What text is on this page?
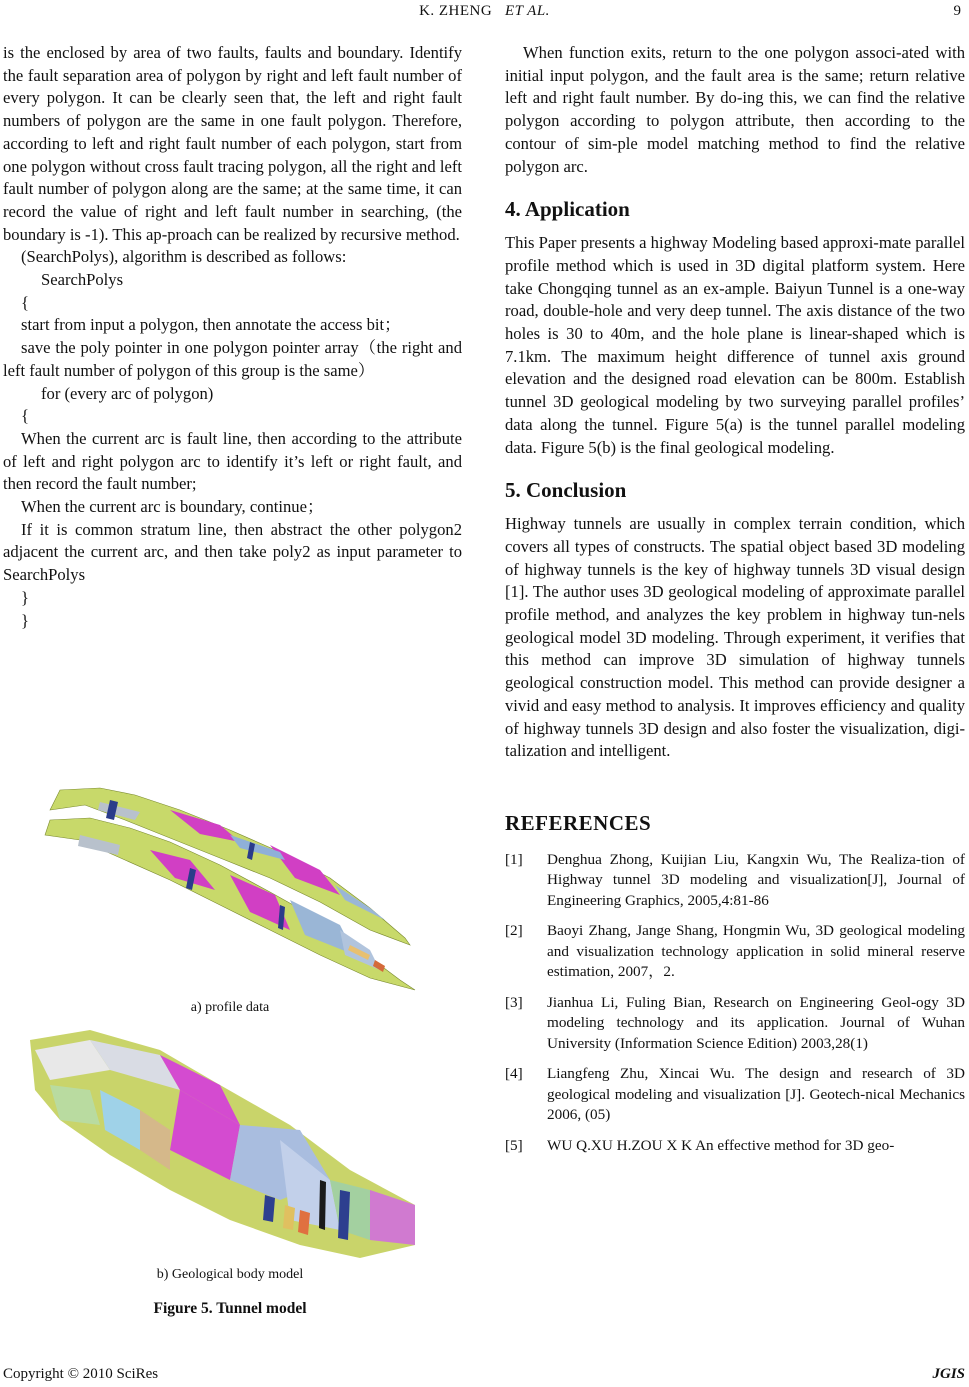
K. ZHENG ET AL.	9

is the enclosed by area of two faults, faults and boundary. Identify the fault separation area of polygon by right and left fault number of every polygon. It can be clearly seen that, the left and right fault numbers of polygon are the same in one fault polygon. Therefore, according to left and right fault number of each polygon, start from one polygon without cross fault tracing polygon, all the right and left fault number of polygon along are the same; at the same time, it can record the value of right and left fault number in searching, (the boundary is -1). This ap-proach can be realized by recursive method.

(SearchPolys), algorithm is described as follows:

SearchPolys

{

start from input a polygon, then annotate the access bit；

save the poly pointer in one polygon pointer array（the right and left fault number of polygon of this group is the same）

for (every arc of polygon)

{

When the current arc is fault line, then according to the attribute of left and right polygon arc to identify it’s left or right fault, and then record the fault number;

When the current arc is boundary, continue；

If it is common stratum line, then abstract the other polygon2 adjacent the current arc, and then take poly2 as input parameter to SearchPolys

}

}

a) profile data
b) Geological body model
Figure 5. Tunnel model

When function exits, return to the one polygon associ-ated with initial input polygon, and the fault area is the same; return relative left and right fault number. By do-ing this, we can find the relative polygon according to polygon attribute, then according to the contour of sim-ple model matching method to find the relative polygon arc.

4. Application

This Paper presents a highway Modeling based approxi-mate parallel profile method which is used in 3D digital platform system. Here take Chongqing tunnel as an ex-ample. Baiyun Tunnel is a one-way road, double-hole and very deep tunnel. The axis distance of the two holes is 30 to 40m, and the hole plane is linear-shaped which is 7.1km. The maximum height difference of tunnel axis ground elevation and the designed road elevation can be 800m. Establish tunnel 3D geological modeling by two surveying parallel profiles’ data along the tunnel. Figure 5(a) is the tunnel parallel modeling data. Figure 5(b) is the final geological modeling.

5. Conclusion

Highway tunnels are usually in complex terrain condition, which covers all types of constructs. The spatial object based 3D modeling of highway tunnels is the key of highway tunnels 3D visual design [1]. The author uses 3D geological modeling of approximate parallel profile method, and analyzes the key problem in highway tun-nels geological model 3D modeling. Through experiment, it verifies that this method can improve 3D simulation of highway tunnels geological construction model. This method can provide designer a vivid and easy method to analysis. It improves efficiency and quality of highway tunnels 3D design and also foster the visualization, digi-talization and intelligent.

REFERENCES
[1] Denghua Zhong, Kuijian Liu, Kangxin Wu, The Realiza-tion of Highway tunnel 3D modeling and visualization[J], Journal of Engineering Graphics, 2005,4:81-86
[2] Baoyi Zhang, Jange Shang, Hongmin Wu, 3D geological modeling and visualization technology application in solid mineral reserve estimation, 2007，2.
[3] Jianhua Li, Fuling Bian, Research on Engineering Geol-ogy 3D modeling technology and its application. Journal of Wuhan University (Information Science Edition) 2003,28(1)
[4] Liangfeng Zhu, Xincai Wu. The design and research of 3D geological modeling and visualization [J]. Geotech-nical Mechanics 2006, (05)
[5] WU Q.XU H.ZOU X K An effective method for 3D geo-
Copyright © 2010 SciRes	JGIS
